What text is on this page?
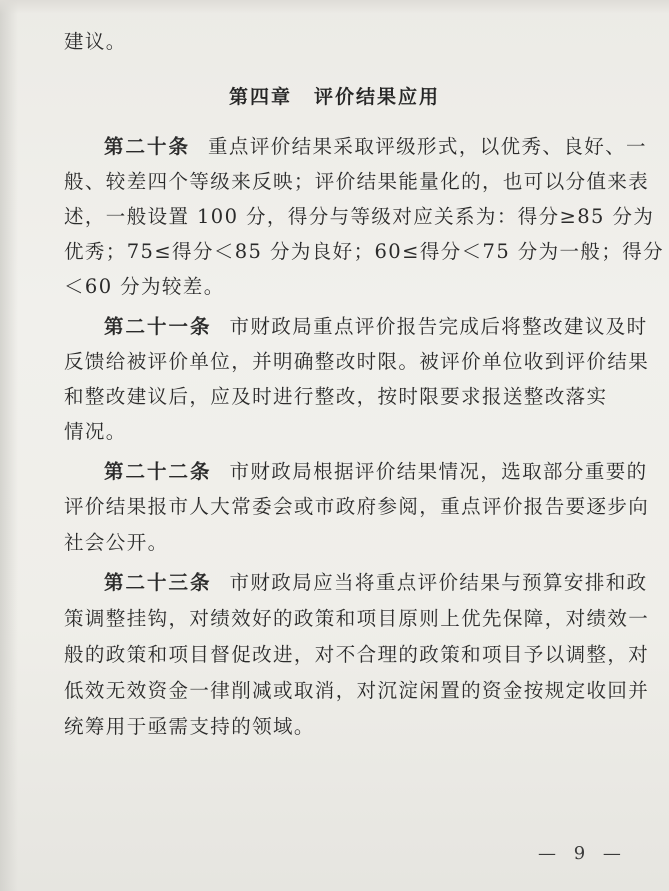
建议。
第四章 评价结果应用
第二十条 重点评价结果采取评级形式，以优秀、良好、一
般、较差四个等级来反映；评价结果能量化的，也可以分值来表
述，一般设置 100 分，得分与等级对应关系为：得分≥85 分为
优秀；75≤得分＜85 分为良好；60≤得分＜75 分为一般；得分
＜60 分为较差。
第二十一条 市财政局重点评价报告完成后将整改建议及时
反馈给被评价单位，并明确整改时限。被评价单位收到评价结果
和整改建议后，应及时进行整改，按时限要求报送整改落实
情况。
第二十二条 市财政局根据评价结果情况，选取部分重要的
评价结果报市人大常委会或市政府参阅，重点评价报告要逐步向
社会公开。
第二十三条 市财政局应当将重点评价结果与预算安排和政
策调整挂钩，对绩效好的政策和项目原则上优先保障，对绩效一
般的政策和项目督促改进，对不合理的政策和项目予以调整，对
低效无效资金一律削减或取消，对沉淀闲置的资金按规定收回并
统筹用于亟需支持的领域。
— 9 —
